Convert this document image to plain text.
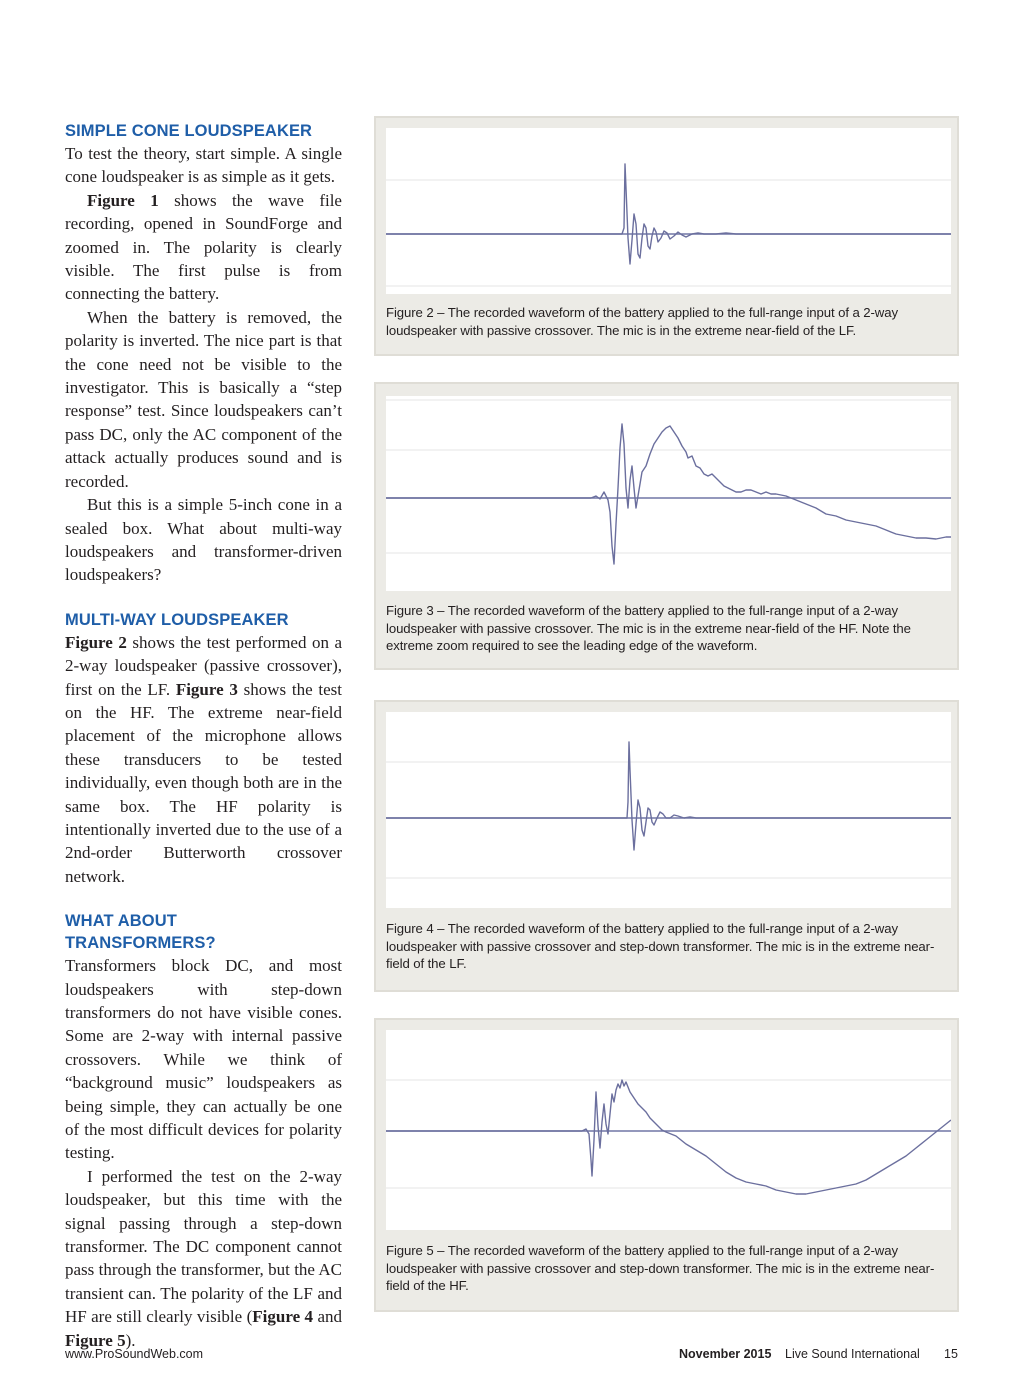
SIMPLE CONE LOUDSPEAKER

To test the theory, start simple. A single cone loudspeaker is as simple as it gets.

Figure 1 shows the wave file recording, opened in SoundForge and zoomed in. The polarity is clearly visible. The first pulse is from connecting the battery.

When the battery is removed, the polarity is inverted. The nice part is that the cone need not be visible to the investigator. This is basically a “step response” test. Since loudspeakers can’t pass DC, only the AC component of the attack actually produces sound and is recorded.

But this is a simple 5-inch cone in a sealed box. What about multi-way loudspeakers and transformer-driven loudspeakers?

MULTI-WAY LOUDSPEAKER

Figure 2 shows the test performed on a 2-way loudspeaker (passive crossover), first on the LF. Figure 3 shows the test on the HF. The extreme near-field placement of the microphone allows these transducers to be tested individually, even though both are in the same box. The HF polarity is intentionally inverted due to the use of a 2nd-order Butterworth crossover network.

WHAT ABOUT TRANSFORMERS?

Transformers block DC, and most loudspeakers with step-down transformers do not have visible cones. Some are 2-way with internal passive crossovers. While we think of “background music” loudspeakers as being simple, they can actually be one of the most difficult devices for polarity testing.

I performed the test on the 2-way loudspeaker, but this time with the signal passing through a step-down transformer. The DC component cannot pass through the transformer, but the AC transient can. The polarity of the LF and HF are still clearly visible (Figure 4 and Figure 5).

Figure 2 – The recorded waveform of the battery applied to the full-range input of a 2-way loudspeaker with passive crossover. The mic is in the extreme near-field of the LF.
Figure 3 – The recorded waveform of the battery applied to the full-range input of a 2-way loudspeaker with passive crossover. The mic is in the extreme near-field of the HF. Note the extreme zoom required to see the leading edge of the waveform.
Figure 4 – The recorded waveform of the battery applied to the full-range input of a 2-way loudspeaker with passive crossover and step-down transformer. The mic is in the extreme near-field of the LF.
Figure 5 – The recorded waveform of the battery applied to the full-range input of a 2-way loudspeaker with passive crossover and step-down transformer. The mic is in the extreme near-field of the HF.
www.ProSoundWeb.com	November 2015 Live Sound International 15
